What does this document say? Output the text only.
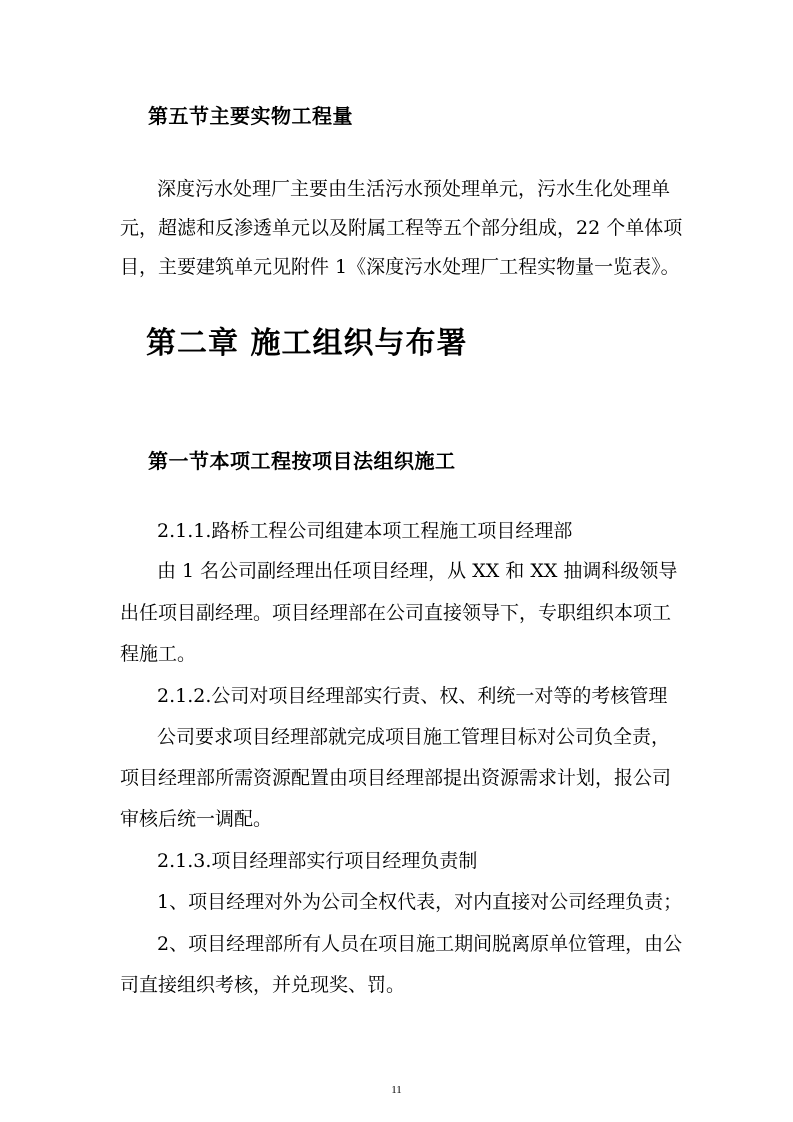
第五节主要实物工程量
深度污水处理厂主要由生活污水预处理单元，污水生化处理单
元，超滤和反渗透单元以及附属工程等五个部分组成，22 个单体项
目，主要建筑单元见附件 1《深度污水处理厂工程实物量一览表》。
第二章 施工组织与布署
第一节本项工程按项目法组织施工
2.1.1.路桥工程公司组建本项工程施工项目经理部
由 1 名公司副经理出任项目经理，从 XX 和 XX 抽调科级领导
出任项目副经理。项目经理部在公司直接领导下，专职组织本项工
程施工。
2.1.2.公司对项目经理部实行责、权、利统一对等的考核管理
公司要求项目经理部就完成项目施工管理目标对公司负全责，
项目经理部所需资源配置由项目经理部提出资源需求计划，报公司
审核后统一调配。
2.1.3.项目经理部实行项目经理负责制
1、项目经理对外为公司全权代表，对内直接对公司经理负责；
2、项目经理部所有人员在项目施工期间脱离原单位管理，由公
司直接组织考核，并兑现奖、罚。
11
